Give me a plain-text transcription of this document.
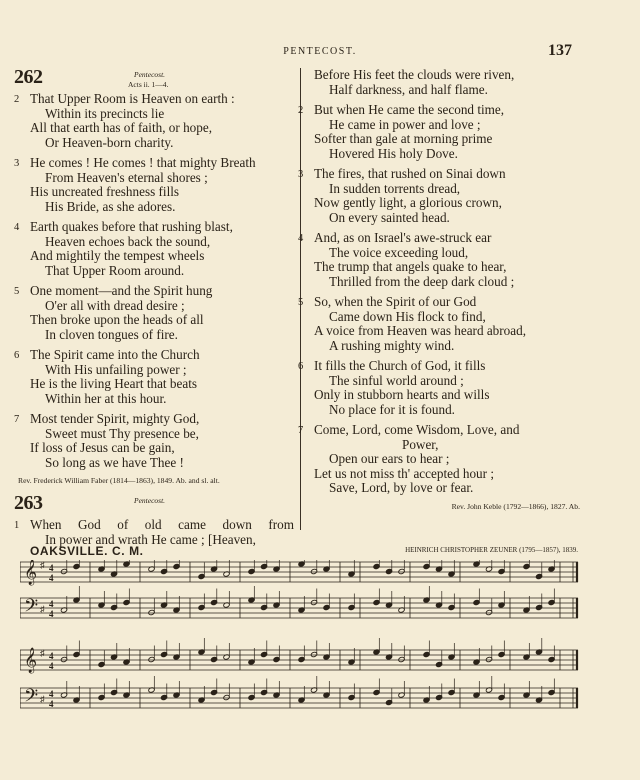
PENTECOST.	137
262	Pentecost.
Acts ii. 1—4.
2 That Upper Room is Heaven on earth :
Within its precincts lie
All that earth has of faith, or hope,
Or Heaven-born charity.
3 He comes ! He comes ! that mighty Breath
From Heaven's eternal shores ;
His uncreated freshness fills
His Bride, as she adores.
4 Earth quakes before that rushing blast,
Heaven echoes back the sound,
And mightily the tempest wheels
That Upper Room around.
5 One moment—and the Spirit hung
O'er all with dread desire ;
Then broke upon the heads of all
In cloven tongues of fire.
6 The Spirit came into the Church
With His unfailing power ;
He is the living Heart that beats
Within her at this hour.
7 Most tender Spirit, mighty God,
Sweet must Thy presence be,
If loss of Jesus can be gain,
So long as we have Thee !
Rev. Frederick William Faber (1814—1863), 1849. Ab. and sl. alt.
263	Pentecost.
1 When God of old came down from
In power and wrath He came ; [Heaven,
Before His feet the clouds were riven,
Half darkness, and half flame.
2 But when He came the second time,
He came in power and love ;
Softer than gale at morning prime
Hovered His holy Dove.
3 The fires, that rushed on Sinai down
In sudden torrents dread,
Now gently light, a glorious crown,
On every sainted head.
4 And, as on Israel's awe-struck ear
The voice exceeding loud,
The trump that angels quake to hear,
Thrilled from the deep dark cloud ;
5 So, when the Spirit of our God
Came down His flock to find,
A voice from Heaven was heard abroad,
A rushing mighty wind.
6 It fills the Church of God, it fills
The sinful world around ;
Only in stubborn hearts and wills
No place for it is found.
7 Come, Lord, come Wisdom, Love, and
Power,
Open our ears to hear ;
Let us not miss th' accepted hour ;
Save, Lord, by love or fear.
Rev. John Keble (1792—1866), 1827. Ab.
OAKSVILLE. C. M.	HEINRICH CHRISTOPHER ZEUNER (1795—1857), 1839.
𝄞 ♯ 4
4
𝄢 ♯ 4
4
𝄞 ♯ 4
4
𝄢 ♯ 4
4
